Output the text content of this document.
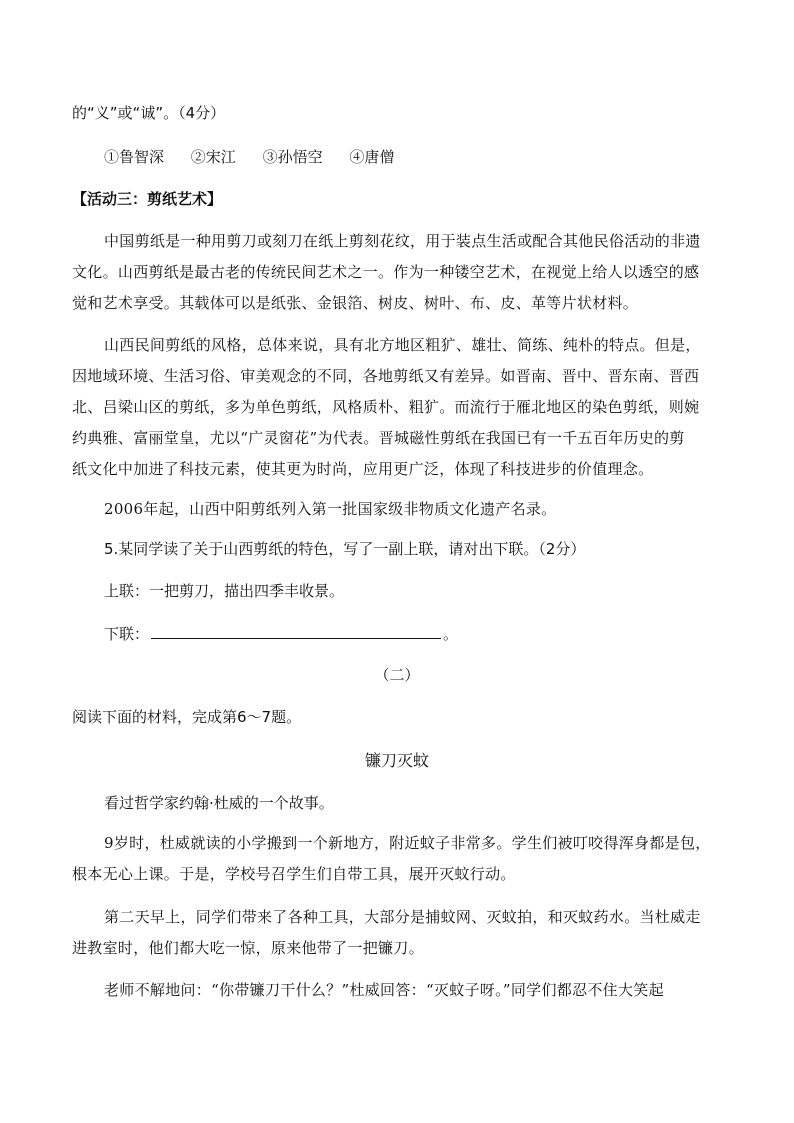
的“义”或“诚”。（4分）
①鲁智深 ②宋江 ③孙悟空 ④唐僧
【活动三：剪纸艺术】
中国剪纸是一种用剪刀或刻刀在纸上剪刻花纹，用于装点生活或配合其他民俗活动的非遗
文化。山西剪纸是最古老的传统民间艺术之一。作为一种镂空艺术，在视觉上给人以透空的感
觉和艺术享受。其载体可以是纸张、金银箔、树皮、树叶、布、皮、革等片状材料。
山西民间剪纸的风格，总体来说，具有北方地区粗犷、雄壮、简练、纯朴的特点。但是，
因地域环境、生活习俗、审美观念的不同，各地剪纸又有差异。如晋南、晋中、晋东南、晋西
北、吕梁山区的剪纸，多为单色剪纸，风格质朴、粗犷。而流行于雁北地区的染色剪纸，则婉
约典雅、富丽堂皇，尤以“广灵窗花”为代表。晋城磁性剪纸在我国已有一千五百年历史的剪
纸文化中加进了科技元素，使其更为时尚，应用更广泛，体现了科技进步的价值理念。
2006年起，山西中阳剪纸列入第一批国家级非物质文化遗产名录。
5.某同学读了关于山西剪纸的特色，写了一副上联，请对出下联。（2分）
上联：一把剪刀，描出四季丰收景。
下联：	。
（二）
阅读下面的材料，完成第6～7题。
镰刀灭蚊
看过哲学家约翰·杜威的一个故事。
9岁时，杜威就读的小学搬到一个新地方，附近蚊子非常多。学生们被叮咬得浑身都是包，
根本无心上课。于是，学校号召学生们自带工具，展开灭蚊行动。
第二天早上，同学们带来了各种工具，大部分是捕蚊网、灭蚊拍，和灭蚊药水。当杜威走
进教室时，他们都大吃一惊，原来他带了一把镰刀。
老师不解地问：“你带镰刀干什么？”杜威回答：“灭蚊子呀。”同学们都忍不住大笑起
